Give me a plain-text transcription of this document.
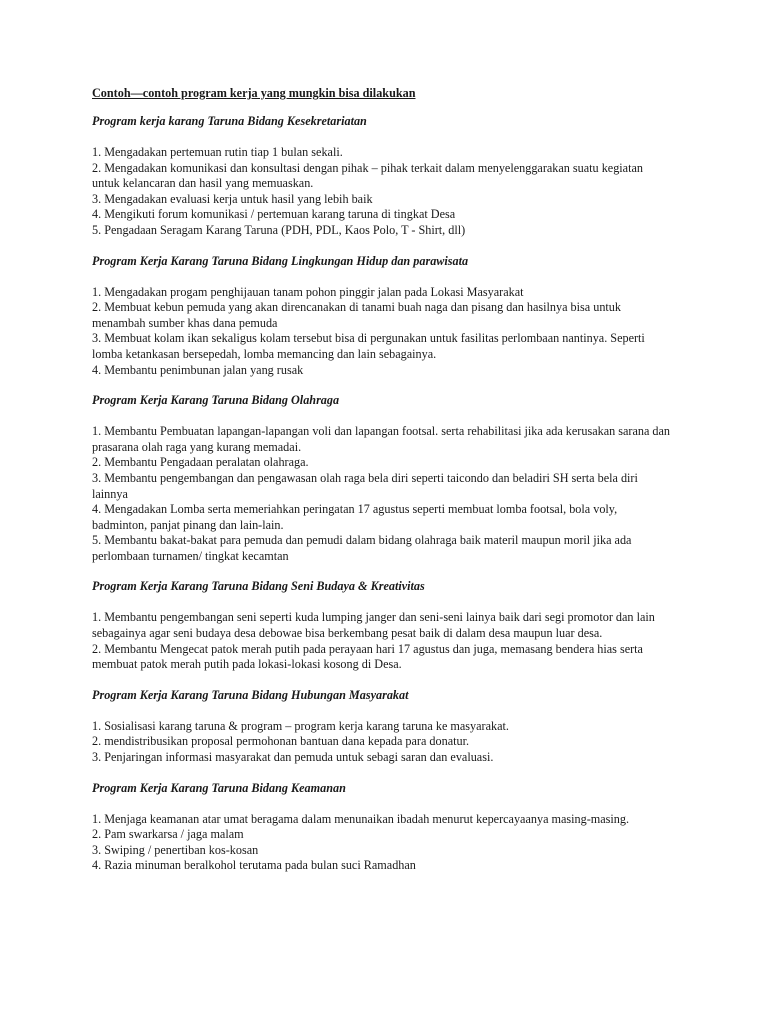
Contoh—contoh program kerja yang mungkin bisa dilakukan
Program kerja karang Taruna Bidang Kesekretariatan
1. Mengadakan pertemuan rutin tiap 1 bulan sekali.
2. Mengadakan komunikasi dan konsultasi dengan pihak – pihak terkait dalam menyelenggarakan suatu kegiatan untuk kelancaran dan hasil yang memuaskan.
3. Mengadakan evaluasi kerja untuk hasil yang lebih baik
4. Mengikuti forum komunikasi / pertemuan karang taruna di tingkat Desa
5. Pengadaan Seragam Karang Taruna (PDH, PDL, Kaos Polo, T - Shirt, dll)
Program Kerja Karang Taruna Bidang Lingkungan Hidup dan parawisata
1. Mengadakan progam penghijauan tanam pohon pinggir jalan pada Lokasi Masyarakat
2. Membuat kebun pemuda yang akan direncanakan di tanami buah naga dan pisang dan hasilnya bisa untuk menambah sumber khas dana pemuda
3. Membuat kolam ikan sekaligus kolam tersebut bisa di pergunakan untuk fasilitas perlombaan nantinya. Seperti lomba ketankasan bersepedah, lomba memancing dan lain sebagainya.
4. Membantu penimbunan jalan yang rusak
Program Kerja Karang Taruna Bidang Olahraga
1. Membantu Pembuatan lapangan-lapangan voli dan lapangan footsal. serta rehabilitasi jika ada kerusakan sarana dan prasarana olah raga yang kurang memadai.
2. Membantu Pengadaan peralatan olahraga.
3. Membantu pengembangan dan pengawasan olah raga bela diri seperti taicondo dan beladiri SH serta bela diri lainnya
4. Mengadakan Lomba serta memeriahkan peringatan 17 agustus seperti membuat lomba footsal, bola voly, badminton, panjat pinang dan lain-lain.
5. Membantu bakat-bakat para pemuda dan pemudi dalam bidang olahraga baik materil maupun moril jika ada perlombaan turnamen/ tingkat kecamtan
Program Kerja Karang Taruna Bidang Seni Budaya & Kreativitas
1. Membantu pengembangan seni seperti kuda lumping janger dan seni-seni lainya baik dari segi promotor dan lain sebagainya agar seni budaya desa debowae bisa berkembang pesat baik di dalam desa maupun luar desa.
2. Membantu Mengecat patok merah putih pada perayaan hari 17 agustus dan juga, memasang bendera hias serta membuat patok merah putih pada lokasi-lokasi kosong di Desa.
Program Kerja Karang Taruna Bidang Hubungan Masyarakat
1. Sosialisasi karang taruna & program – program kerja karang taruna ke masyarakat.
2. mendistribusikan proposal permohonan bantuan dana kepada para donatur.
3. Penjaringan informasi masyarakat dan pemuda untuk sebagi saran dan evaluasi.
Program Kerja Karang Taruna Bidang Keamanan
1. Menjaga keamanan atar umat beragama dalam menunaikan ibadah menurut kepercayaanya masing-masing.
2. Pam swarkarsa / jaga malam
3. Swiping / penertiban kos-kosan
4. Razia minuman beralkohol terutama pada bulan suci Ramadhan
